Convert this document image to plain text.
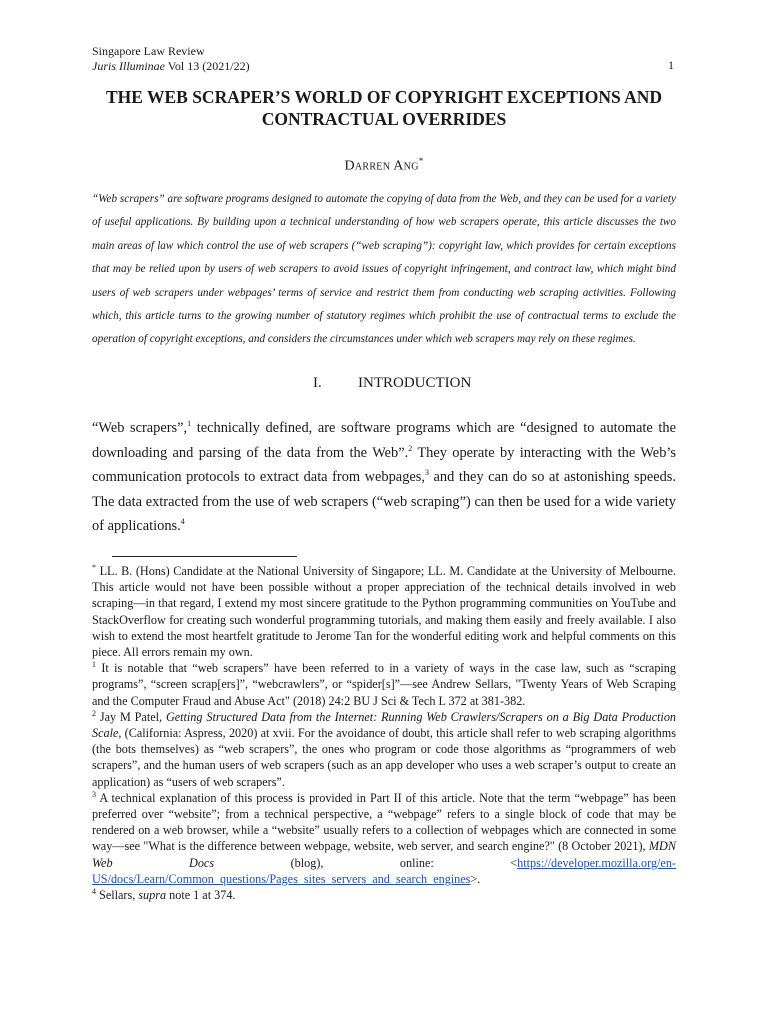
Singapore Law Review
Juris Illuminae Vol 13 (2021/22)	1
THE WEB SCRAPER’S WORLD OF COPYRIGHT EXCEPTIONS AND CONTRACTUAL OVERRIDES
Darren Ang*
“Web scrapers” are software programs designed to automate the copying of data from the Web, and they can be used for a variety of useful applications. By building upon a technical understanding of how web scrapers operate, this article discusses the two main areas of law which control the use of web scrapers (“web scraping”): copyright law, which provides for certain exceptions that may be relied upon by users of web scrapers to avoid issues of copyright infringement, and contract law, which might bind users of web scrapers under webpages’ terms of service and restrict them from conducting web scraping activities. Following which, this article turns to the growing number of statutory regimes which prohibit the use of contractual terms to exclude the operation of copyright exceptions, and considers the circumstances under which web scrapers may rely on these regimes.
I. INTRODUCTION
“Web scrapers”,$^1$ technically defined, are software programs which are “designed to automate the downloading and parsing of the data from the Web”.$^2$ They operate by interacting with the Web’s communication protocols to extract data from webpages,$^3$ and they can do so at astonishing speeds. The data extracted from the use of web scrapers (“web scraping”) can then be used for a wide variety of applications.$^4$

* LL. B. (Hons) Candidate at the National University of Singapore; LL. M. Candidate at the University of Melbourne. This article would not have been possible without a proper appreciation of the technical details involved in web scraping—in that regard, I extend my most sincere gratitude to the Python programming communities on YouTube and StackOverflow for creating such wonderful programming tutorials, and making them easily and freely available. I also wish to extend the most heartfelt gratitude to Jerome Tan for the wonderful editing work and helpful comments on this piece. All errors remain my own.

$^1$ It is notable that “web scrapers” have been referred to in a variety of ways in the case law, such as “scraping programs”, “screen scrap[ers]”, “webcrawlers”, or “spider[s]”—see Andrew Sellars, "Twenty Years of Web Scraping and the Computer Fraud and Abuse Act" (2018) 24:2 BU J Sci & Tech L 372 at 381-382.

$^2$ Jay M Patel, Getting Structured Data from the Internet: Running Web Crawlers/Scrapers on a Big Data Production Scale, (California: Aspress, 2020) at xvii. For the avoidance of doubt, this article shall refer to web scraping algorithms (the bots themselves) as “web scrapers”, the ones who program or code those algorithms as “programmers of web scrapers”, and the human users of web scrapers (such as an app developer who uses a web scraper’s output to create an application) as “users of web scrapers”.

$^3$ A technical explanation of this process is provided in Part II of this article. Note that the term “webpage” has been preferred over “website”; from a technical perspective, a “webpage” refers to a single block of code that may be rendered on a web browser, while a “website” usually refers to a collection of webpages which are connected in some way—see "What is the difference between webpage, website, web server, and search engine?" (8 October 2021), MDN Web Docs (blog), online: <https://developer.mozilla.org/en-US/docs/Learn/Common_questions/Pages_sites_servers_and_search_engines>.

$^4$ Sellars, supra note 1 at 374.
